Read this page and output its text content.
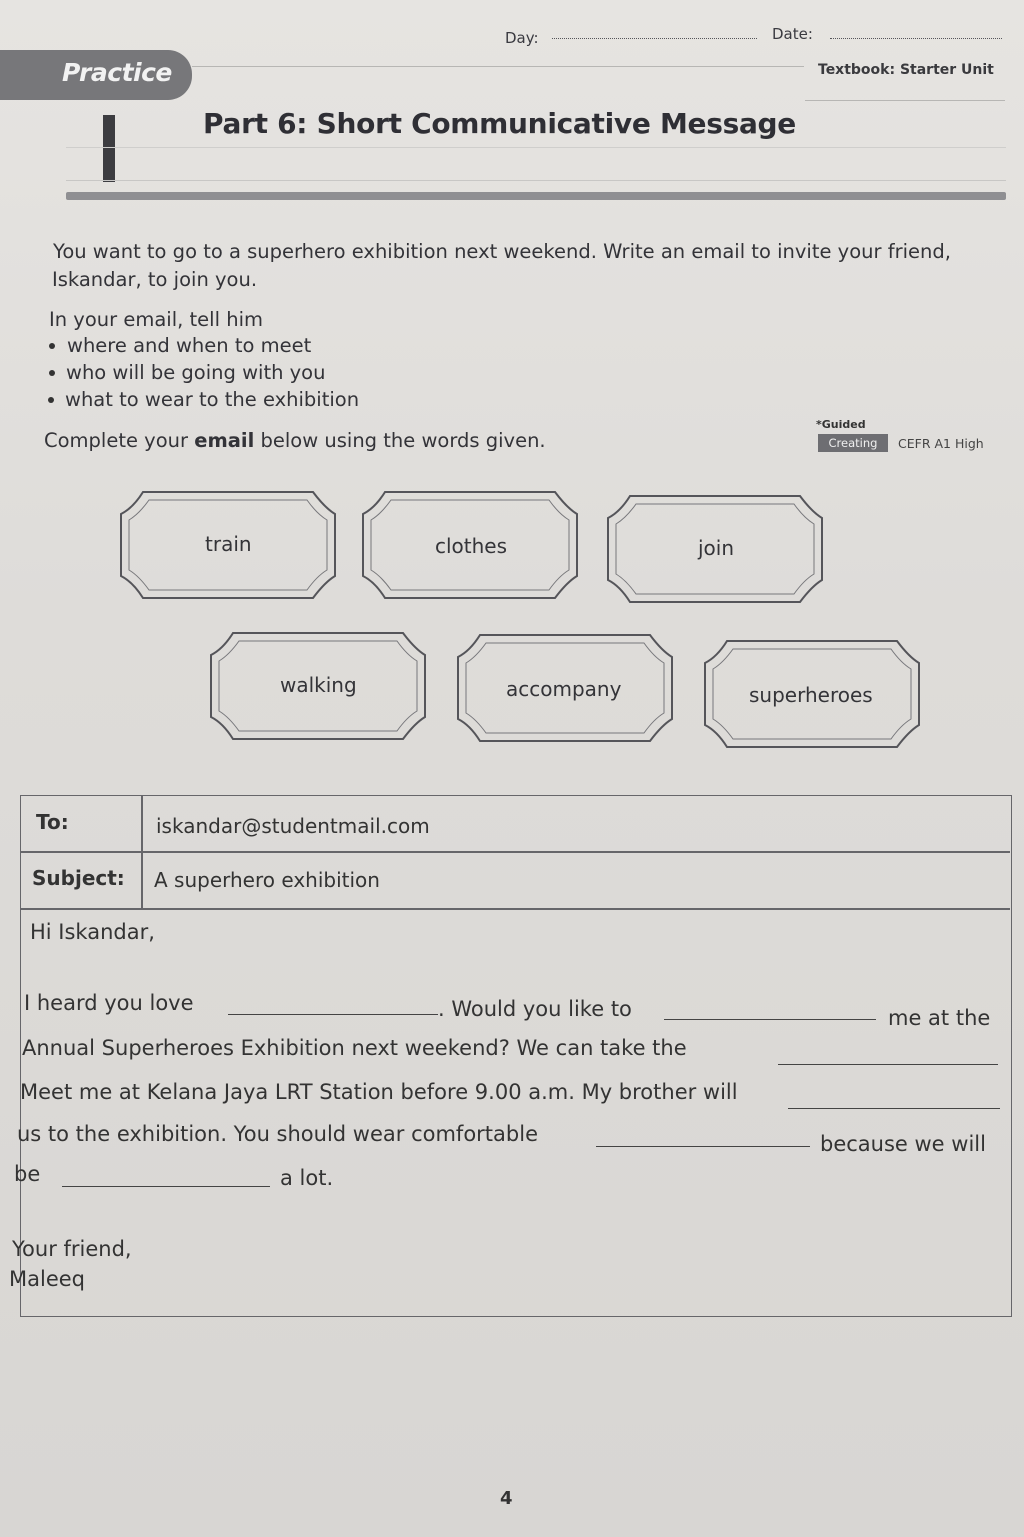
Day:	Date:
Practice	Textbook: Starter Unit
Part 6: Short Communicative Message
You want to go to a superhero exhibition next weekend. Write an email to invite your friend,
Iskandar, to join you.
In your email, tell him
where and when to meet
who will be going with you
what to wear to the exhibition
Complete your email below using the words given.
*Guided
Creating	CEFR A1 High
train	clothes	join
walking	accompany	superheroes
To:	iskandar@studentmail.com
Subject: A superhero exhibition
Hi Iskandar,
I heard you love	. Would you like to	me at the
Annual Superheroes Exhibition next weekend? We can take the
Meet me at Kelana Jaya LRT Station before 9.00 a.m. My brother will
us to the exhibition. You should wear comfortable	because we will
be	a lot.
Your friend,
Maleeq
4
